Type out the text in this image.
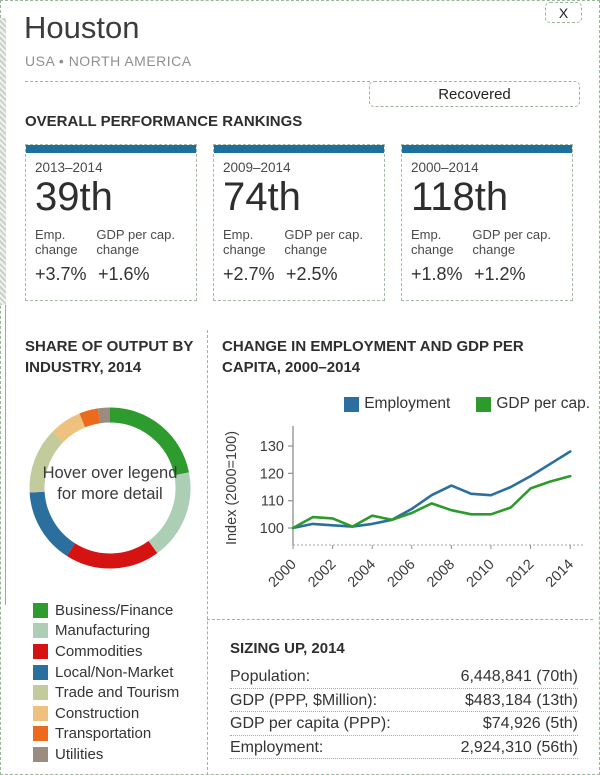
X
Houston
USA • NORTH AMERICA
Recovered
OVERALL PERFORMANCE RANKINGS
2013–2014
39th
Emp. change
GDP per cap. change
+3.7% +1.6%
2009–2014
74th
Emp. change
GDP per cap. change
+2.7% +2.5%
2000–2014
118th
Emp. change
GDP per cap. change
+1.8% +1.2%
SHARE OF OUTPUT BY INDUSTRY, 2014
Hover over legend for more detail
Business/Finance
Manufacturing
Commodities
Local/Non-Market
Trade and Tourism
Construction
Transportation
Utilities
CHANGE IN EMPLOYMENT AND GDP PER CAPITA, 2000–2014
Employment	GDP per cap.
100
110
120
130
2000 2002 2004 2006 2008 2010 2012 2014
Index (2000=100)
SIZING UP, 2014
Population:	6,448,841 (70th)
GDP (PPP, $Million):	$483,184 (13th)
GDP per capita (PPP):	$74,926 (5th)
Employment:	2,924,310 (56th)
